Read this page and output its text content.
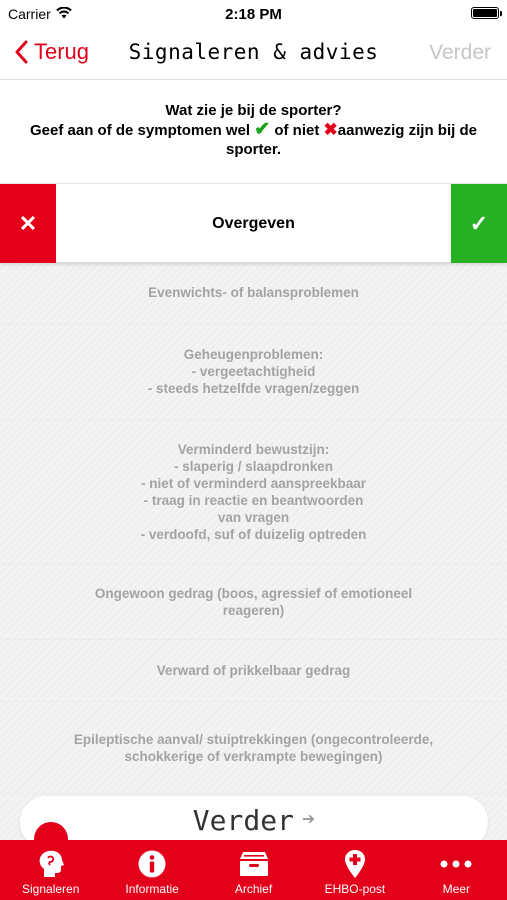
Carrier	2:18 PM
Terug	Signaleren & advies	Verder
Wat zie je bij de sporter?
Geef aan of de symptomen wel ✔ of niet ✖aanwezig zijn bij de sporter.
✕	Overgeven	✓
Evenwichts- of balansproblemen
Geheugenproblemen:
- vergeetachtigheid
- steeds hetzelfde vragen/zeggen
Verminderd bewustzijn:
- slaperig / slaapdronken
- niet of verminderd aanspreekbaar
- traag in reactie en beantwoorden
van vragen
- verdoofd, suf of duizelig optreden
Ongewoon gedrag (boos, agressief of emotioneel
reageren)
Verward of prikkelbaar gedrag
Epileptische aanval/ stuiptrekkingen (ongecontroleerde,
schokkerige of verkrampte bewegingen)
Verder ➔
Signaleren	Informatie	Archief	EHBO-post	Meer
